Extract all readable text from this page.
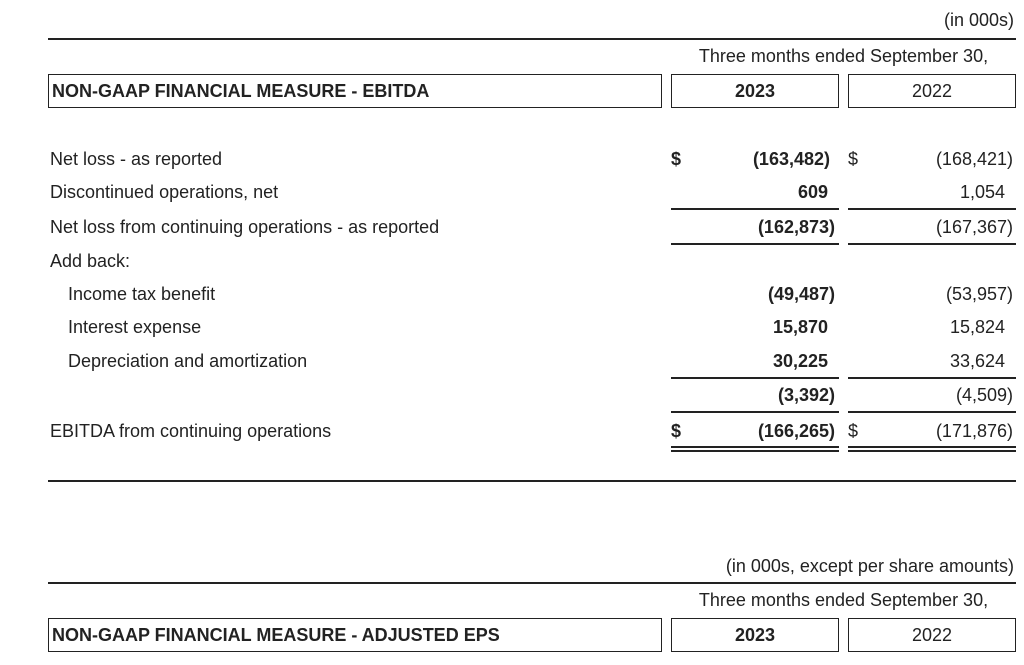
(in 000s)
Three months ended September 30,
NON-GAAP FINANCIAL MEASURE - EBITDA	2023	2022
Net loss - as reported	$	(163,482) $	(168,421)
Discontinued operations, net	609	1,054
Net loss from continuing operations - as reported	(162,873)	(167,367)
Add back:
Income tax benefit	(49,487)	(53,957)
Interest expense	15,870	15,824
Depreciation and amortization	30,225	33,624
(3,392)	(4,509)
EBITDA from continuing operations	$	(166,265) $	(171,876)
(in 000s, except per share amounts)
Three months ended September 30,
NON-GAAP FINANCIAL MEASURE - ADJUSTED EPS	2023	2022
